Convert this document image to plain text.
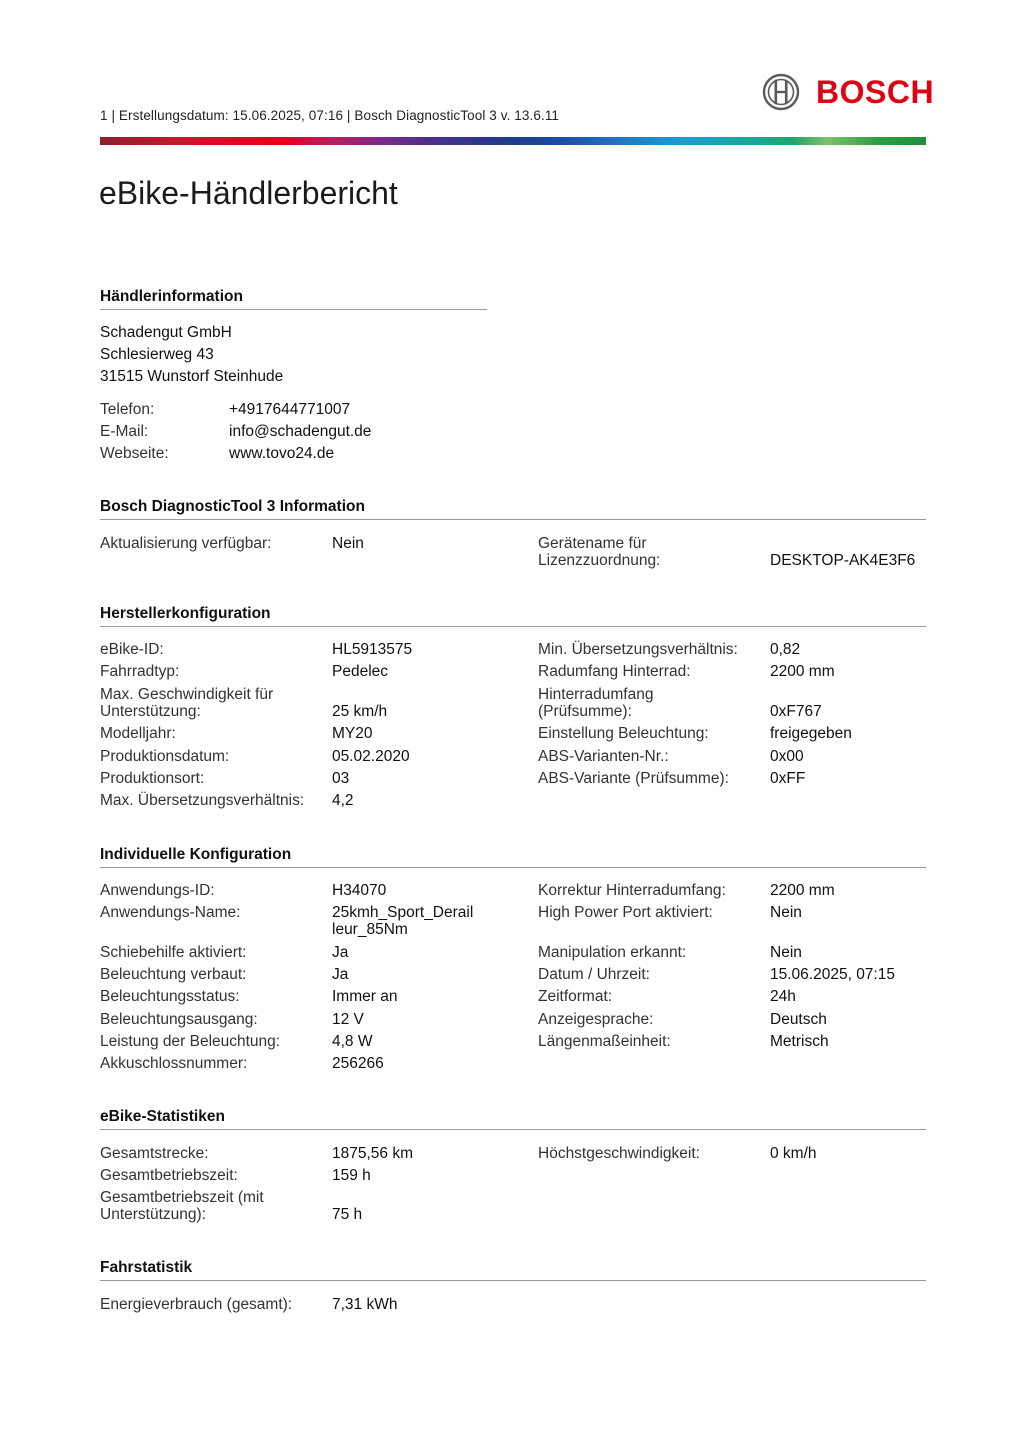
1 | Erstellungsdatum: 15.06.2025, 07:16 | Bosch DiagnosticTool 3 v. 13.6.11
BOSCH
eBike-Händlerbericht
Händlerinformation
Schadengut GmbH
Schlesierweg 43
31515 Wunstorf Steinhude
Telefon:	+4917644771007
E-Mail:	info@schadengut.de
Webseite:	www.tovo24.de
Bosch DiagnosticTool 3 Information
Aktualisierung verfügbar:	Nein	Gerätename für
Lizenzzuordnung:	DESKTOP-AK4E3F6
Herstellerkonfiguration
eBike-ID:	HL5913575
Fahrradtyp:	Pedelec
Max. Geschwindigkeit für
Unterstützung:	25 km/h
Modelljahr:	MY20
Produktionsdatum:	05.02.2020
Produktionsort:	03
Max. Übersetzungsverhältnis: 4,2
Min. Übersetzungsverhältnis: 0,82
Radumfang Hinterrad:	2200 mm
Hinterradumfang
(Prüfsumme):	0xF767
Einstellung Beleuchtung:	freigegeben
ABS-Varianten-Nr.:	0x00
ABS-Variante (Prüfsumme):	0xFF
Individuelle Konfiguration
Anwendungs-ID:	H34070
Anwendungs-Name:	25kmh_Sport_Derail
leur_85Nm
Schiebehilfe aktiviert:	Ja
Beleuchtung verbaut:	Ja
Beleuchtungsstatus:	Immer an
Beleuchtungsausgang:	12 V
Leistung der Beleuchtung:	4,8 W
Akkuschlossnummer:	256266
Korrektur Hinterradumfang:	2200 mm
High Power Port aktiviert:	Nein
Manipulation erkannt:	Nein
Datum / Uhrzeit:	15.06.2025, 07:15
Zeitformat:	24h
Anzeigesprache:	Deutsch
Längenmaßeinheit:	Metrisch
eBike-Statistiken
Gesamtstrecke:	1875,56 km
Gesamtbetriebszeit:	159 h
Gesamtbetriebszeit (mit
Unterstützung):	75 h
Höchstgeschwindigkeit:	0 km/h
Fahrstatistik
Energieverbrauch (gesamt):	7,31 kWh
